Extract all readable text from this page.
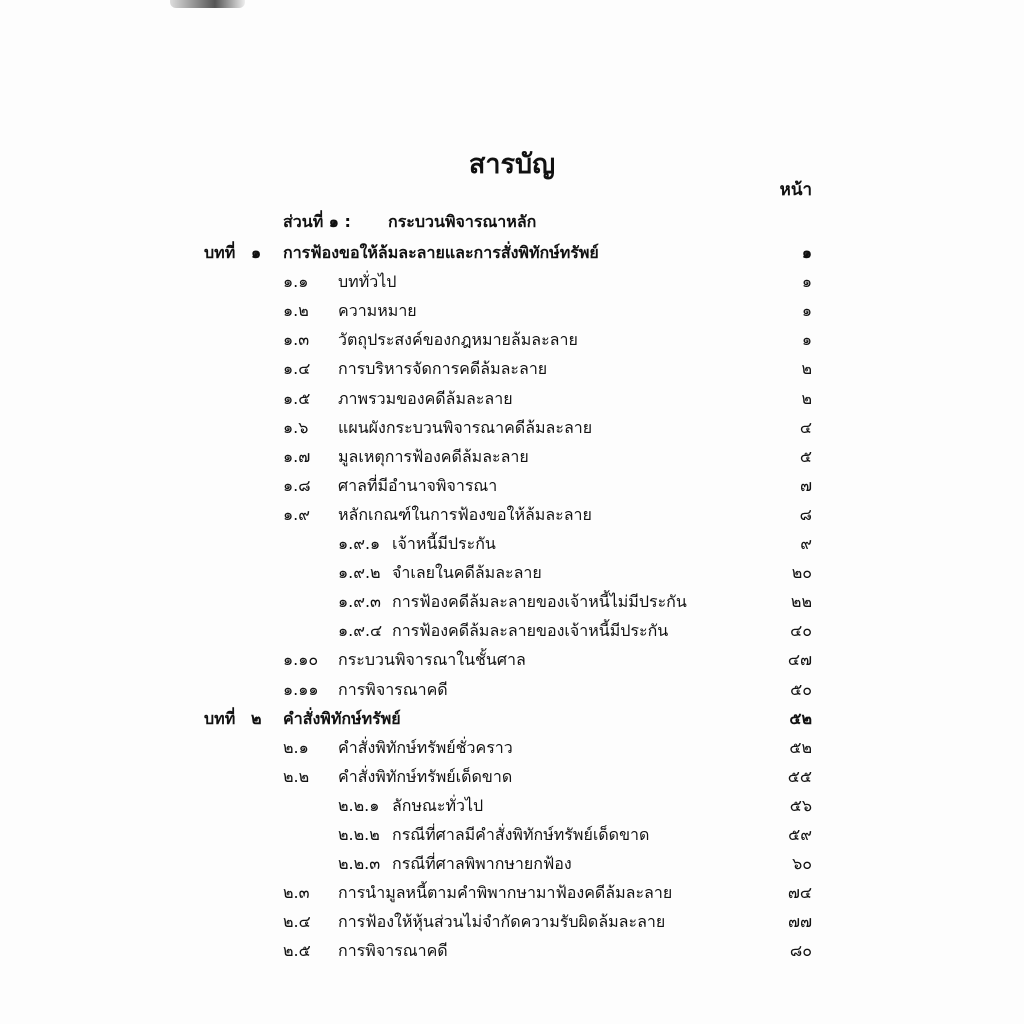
สารบัญ
หน้า
ส่วนที่ ๑ : กระบวนพิจารณาหลัก
บทที่ ๑ การฟ้องขอให้ล้มละลายและการสั่งพิทักษ์ทรัพย์	๑
๑.๑ บททั่วไป	๑
๑.๒ ความหมาย	๑
๑.๓ วัตถุประสงค์ของกฎหมายล้มละลาย	๑
๑.๔ การบริหารจัดการคดีล้มละลาย	๒
๑.๕ ภาพรวมของคดีล้มละลาย	๒
๑.๖ แผนผังกระบวนพิจารณาคดีล้มละลาย	๔
๑.๗ มูลเหตุการฟ้องคดีล้มละลาย	๕
๑.๘ ศาลที่มีอำนาจพิจารณา	๗
๑.๙ หลักเกณฑ์ในการฟ้องขอให้ล้มละลาย	๘
๑.๙.๑ เจ้าหนี้มีประกัน	๙
๑.๙.๒ จำเลยในคดีล้มละลาย	๒๐
๑.๙.๓ การฟ้องคดีล้มละลายของเจ้าหนี้ไม่มีประกัน	๒๒
๑.๙.๔ การฟ้องคดีล้มละลายของเจ้าหนี้มีประกัน	๔๐
๑.๑๐ กระบวนพิจารณาในชั้นศาล	๔๗
๑.๑๑ การพิจารณาคดี	๕๐
บทที่ ๒ คำสั่งพิทักษ์ทรัพย์	๕๒
๒.๑ คำสั่งพิทักษ์ทรัพย์ชั่วคราว	๕๒
๒.๒ คำสั่งพิทักษ์ทรัพย์เด็ดขาด	๕๕
๒.๒.๑ ลักษณะทั่วไป	๕๖
๒.๒.๒ กรณีที่ศาลมีคำสั่งพิทักษ์ทรัพย์เด็ดขาด	๕๙
๒.๒.๓ กรณีที่ศาลพิพากษายกฟ้อง	๖๐
๒.๓ การนำมูลหนี้ตามคำพิพากษามาฟ้องคดีล้มละลาย	๗๔
๒.๔ การฟ้องให้หุ้นส่วนไม่จำกัดความรับผิดล้มละลาย	๗๗
๒.๕ การพิจารณาคดี	๘๐
